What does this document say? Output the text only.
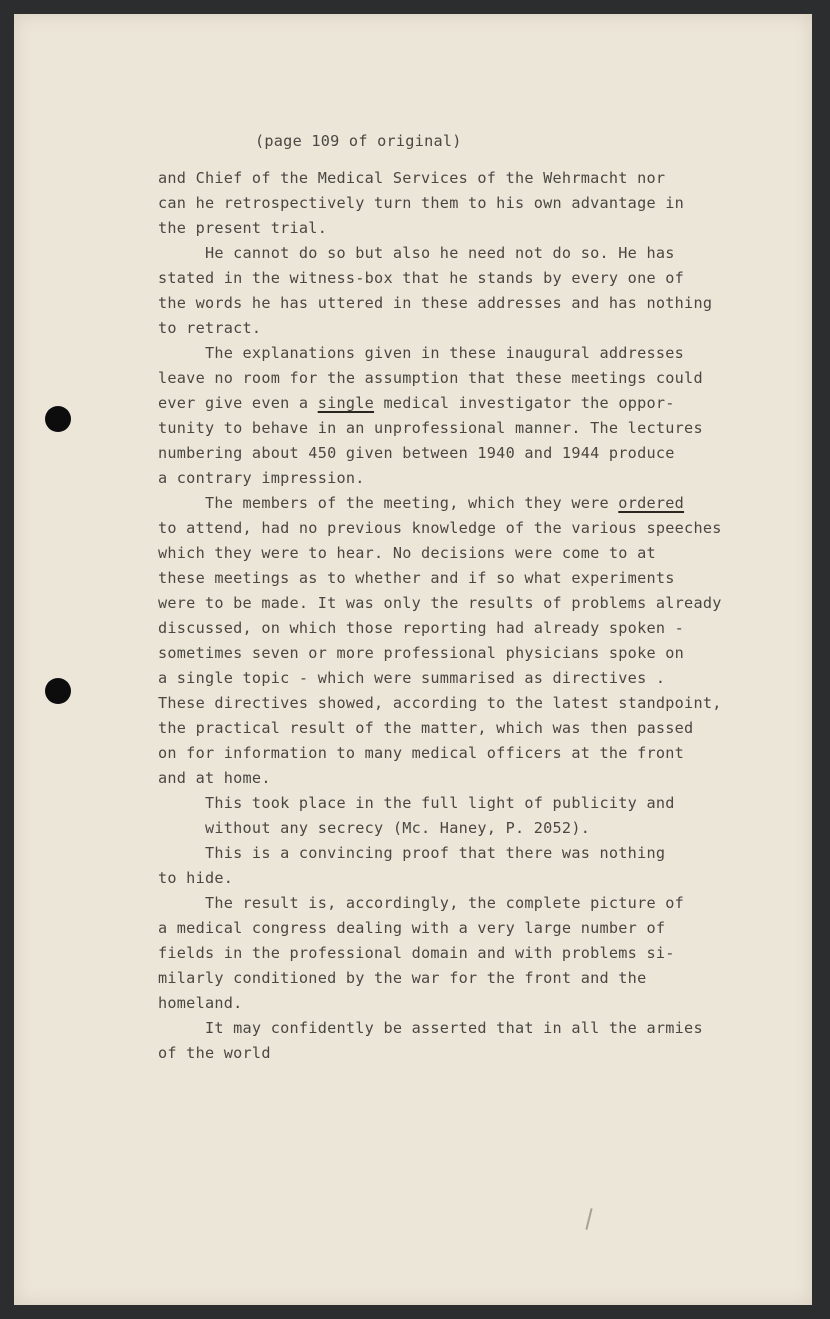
(page 109 of original)
and Chief of the Medical Services of the Wehrmacht nor
can he retrospectively turn them to his own advantage in
the present trial.
He cannot do so but also he need not do so. He has
stated in the witness-box that he stands by every one of
the words he has uttered in these addresses and has nothing
to retract.
The explanations given in these inaugural addresses
leave no room for the assumption that these meetings could
ever give even a single medical investigator the oppor-
tunity to behave in an unprofessional manner. The lectures
numbering about 450 given between 1940 and 1944 produce
a contrary impression.
The members of the meeting, which they were ordered
to attend, had no previous knowledge of the various speeches
which they were to hear. No decisions were come to at
these meetings as to whether and if so what experiments
were to be made. It was only the results of problems already
discussed, on which those reporting had already spoken -
sometimes seven or more professional physicians spoke on
a single topic - which were summarised as directives .
These directives showed, according to the latest standpoint,
the practical result of the matter, which was then passed
on for information to many medical officers at the front
and at home.
This took place in the full light of publicity and
without any secrecy (Mc. Haney, P. 2052).
This is a convincing proof that there was nothing
to hide.
The result is, accordingly, the complete picture of
a medical congress dealing with a very large number of
fields in the professional domain and with problems si-
milarly conditioned by the war for the front and the
homeland.
It may confidently be asserted that in all the armies
of the world
